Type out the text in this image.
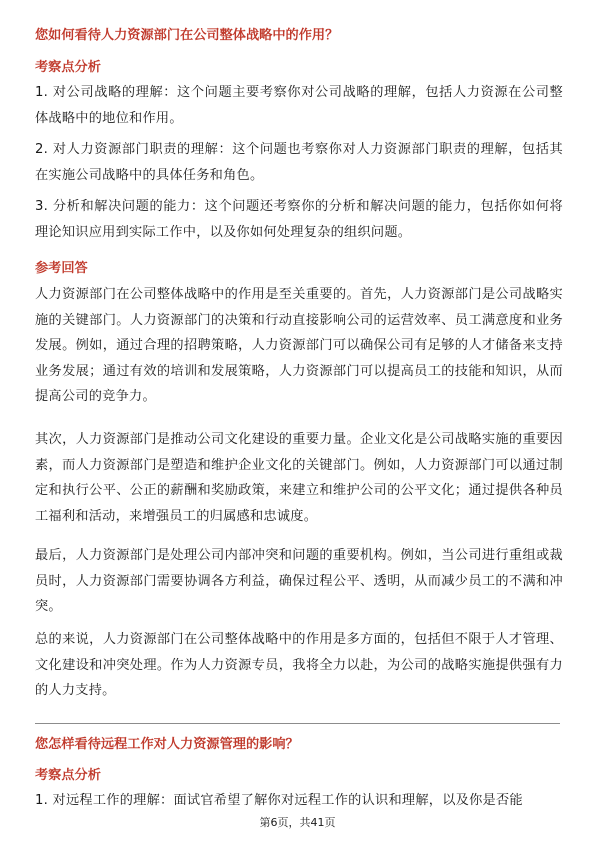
您如何看待人力资源部门在公司整体战略中的作用？
考察点分析
1. 对公司战略的理解：这个问题主要考察你对公司战略的理解，包括人力资源在公司整体战略中的地位和作用。
2. 对人力资源部门职责的理解：这个问题也考察你对人力资源部门职责的理解，包括其在实施公司战略中的具体任务和角色。
3. 分析和解决问题的能力：这个问题还考察你的分析和解决问题的能力，包括你如何将理论知识应用到实际工作中，以及你如何处理复杂的组织问题。
参考回答
人力资源部门在公司整体战略中的作用是至关重要的。首先，人力资源部门是公司战略实施的关键部门。人力资源部门的决策和行动直接影响公司的运营效率、员工满意度和业务发展。例如，通过合理的招聘策略，人力资源部门可以确保公司有足够的人才储备来支持业务发展；通过有效的培训和发展策略，人力资源部门可以提高员工的技能和知识，从而提高公司的竞争力。
其次，人力资源部门是推动公司文化建设的重要力量。企业文化是公司战略实施的重要因素，而人力资源部门是塑造和维护企业文化的关键部门。例如，人力资源部门可以通过制定和执行公平、公正的薪酬和奖励政策，来建立和维护公司的公平文化；通过提供各种员工福利和活动，来增强员工的归属感和忠诚度。
最后，人力资源部门是处理公司内部冲突和问题的重要机构。例如，当公司进行重组或裁员时，人力资源部门需要协调各方利益，确保过程公平、透明，从而减少员工的不满和冲突。
总的来说，人力资源部门在公司整体战略中的作用是多方面的，包括但不限于人才管理、文化建设和冲突处理。作为人力资源专员，我将全力以赴，为公司的战略实施提供强有力的人力支持。
您怎样看待远程工作对人力资源管理的影响？
考察点分析
1. 对远程工作的理解：面试官希望了解你对远程工作的认识和理解，以及你是否能
第6页，共41页
